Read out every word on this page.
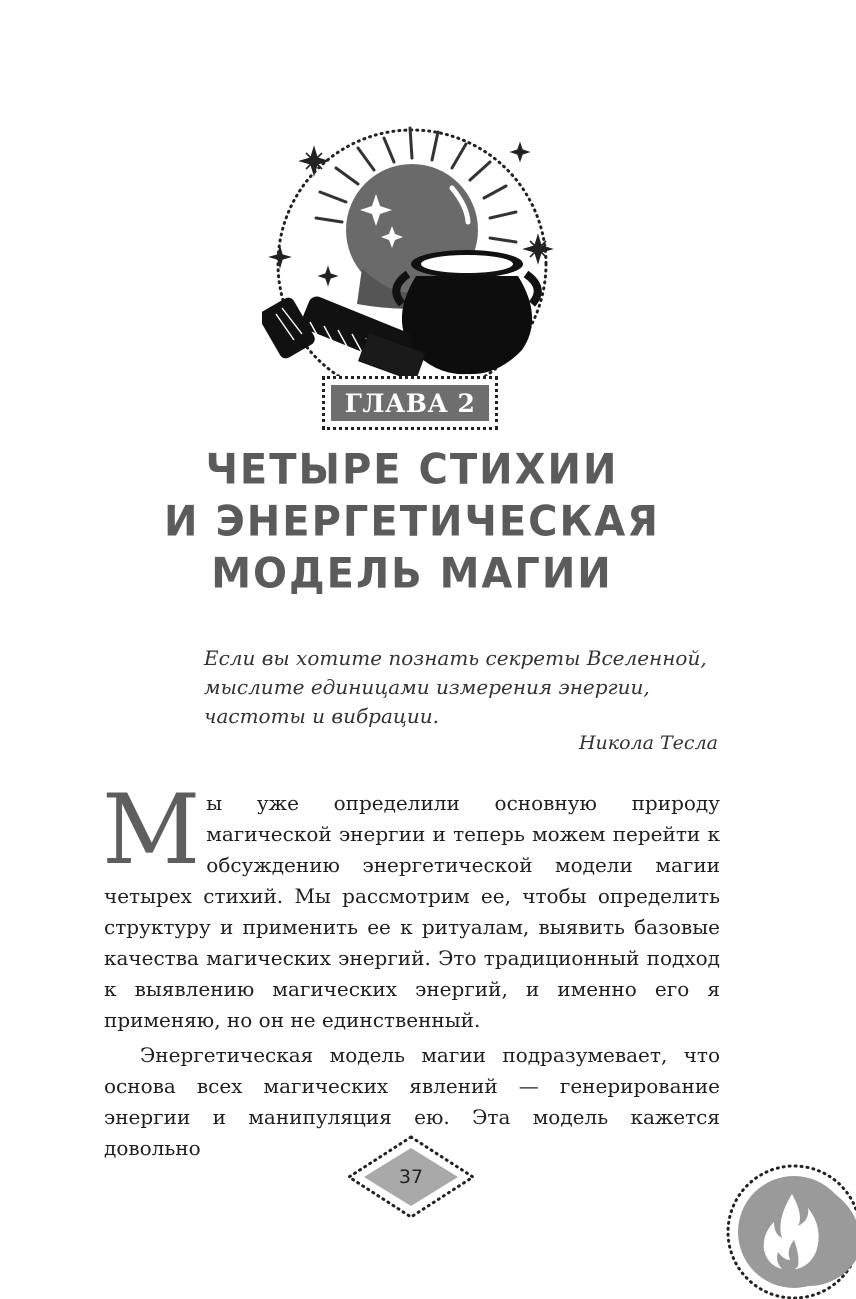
ГЛАВА 2
ЧЕТЫРЕ СТИХИИ
И ЭНЕРГЕТИЧЕСКАЯ
МОДЕЛЬ МАГИИ

Если вы хотите познать секреты Вселенной,
мыслите единицами измерения энергии,
частоты и вибрации.

Никола Тесла

Мы уже определили основную природу магической энергии и теперь можем перейти к обсуждению энергетической модели магии четырех стихий. Мы рассмотрим ее, чтобы определить структуру и применить ее к ритуалам, выявить базовые качества магических энергий. Это традиционный подход к выявлению магических энергий, и именно его я применяю, но он не единственный.

Энергетическая модель магии подразумевает, что основа всех магических явлений — генерирование энергии и манипуляция ею. Эта модель кажется довольно

37
